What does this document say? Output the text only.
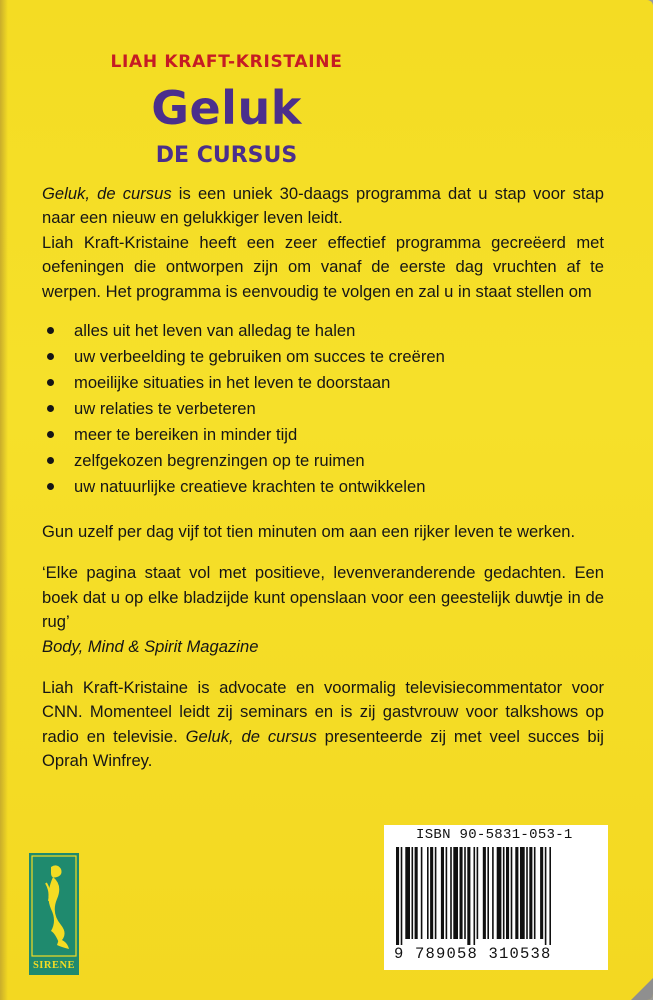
LIAH KRAFT-KRISTAINE
Geluk
DE CURSUS

Geluk, de cursus is een uniek 30-daags programma dat u stap voor stap naar een nieuw en gelukkiger leven leidt.

Liah Kraft-Kristaine heeft een zeer effectief programma gecreëerd met oefeningen die ontworpen zijn om vanaf de eerste dag vruchten af te werpen. Het programma is eenvoudig te volgen en zal u in staat stellen om

alles uit het leven van alledag te halen
uw verbeelding te gebruiken om succes te creëren
moeilijke situaties in het leven te doorstaan
uw relaties te verbeteren
meer te bereiken in minder tijd
zelfgekozen begrenzingen op te ruimen
uw natuurlijke creatieve krachten te ontwikkelen

Gun uzelf per dag vijf tot tien minuten om aan een rijker leven te werken.

‘Elke pagina staat vol met positieve, levenveranderende gedachten. Een boek dat u op elke bladzijde kunt openslaan voor een geestelijk duwtje in de rug’

Body, Mind & Spirit Magazine

Liah Kraft-Kristaine is advocate en voormalig televisiecommentator voor CNN. Momenteel leidt zij seminars en is zij gastvrouw voor talkshows op radio en televisie. Geluk, de cursus presenteerde zij met veel succes bij Oprah Winfrey.

SIRENE
ISBN 90-5831-053-1
9 789058 310538
